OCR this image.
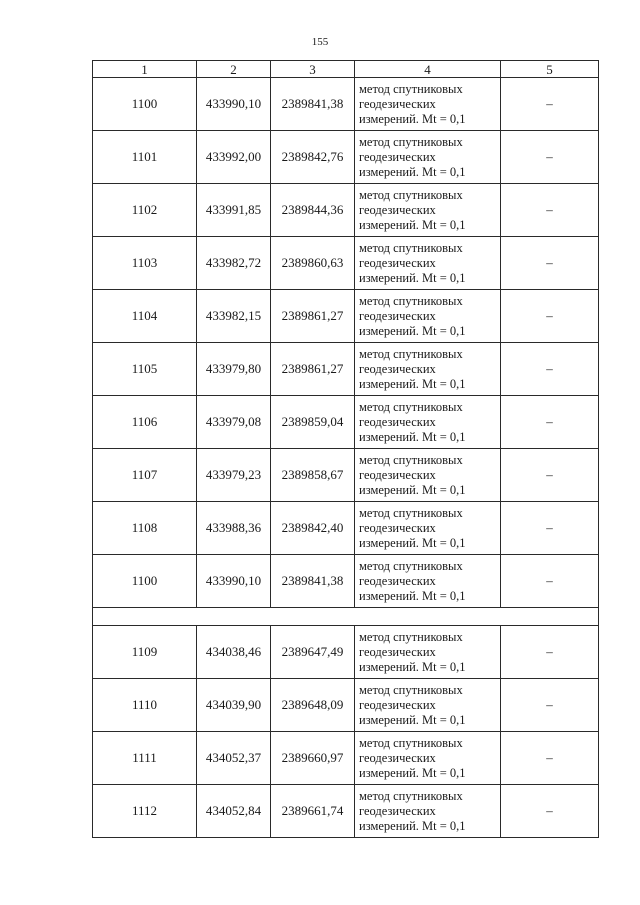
155
1	2	3	4	5
1100	433990,10	2389841,38	метод спутниковых
геодезических
измерений. Mt = 0,1	–
1101	433992,00	2389842,76	метод спутниковых
геодезических
измерений. Mt = 0,1	–
1102	433991,85	2389844,36	метод спутниковых
геодезических
измерений. Mt = 0,1	–
1103	433982,72	2389860,63	метод спутниковых
геодезических
измерений. Mt = 0,1	–
1104	433982,15	2389861,27	метод спутниковых
геодезических
измерений. Mt = 0,1	–
1105	433979,80	2389861,27	метод спутниковых
геодезических
измерений. Mt = 0,1	–
1106	433979,08	2389859,04	метод спутниковых
геодезических
измерений. Mt = 0,1	–
1107	433979,23	2389858,67	метод спутниковых
геодезических
измерений. Mt = 0,1	–
1108	433988,36	2389842,40	метод спутниковых
геодезических
измерений. Mt = 0,1	–
1100	433990,10	2389841,38	метод спутниковых
геодезических
измерений. Mt = 0,1	–

1109	434038,46	2389647,49	метод спутниковых
геодезических
измерений. Mt = 0,1	–
1110	434039,90	2389648,09	метод спутниковых
геодезических
измерений. Mt = 0,1	–
1111	434052,37	2389660,97	метод спутниковых
геодезических
измерений. Mt = 0,1	–
1112	434052,84	2389661,74	метод спутниковых
геодезических
измерений. Mt = 0,1	–
